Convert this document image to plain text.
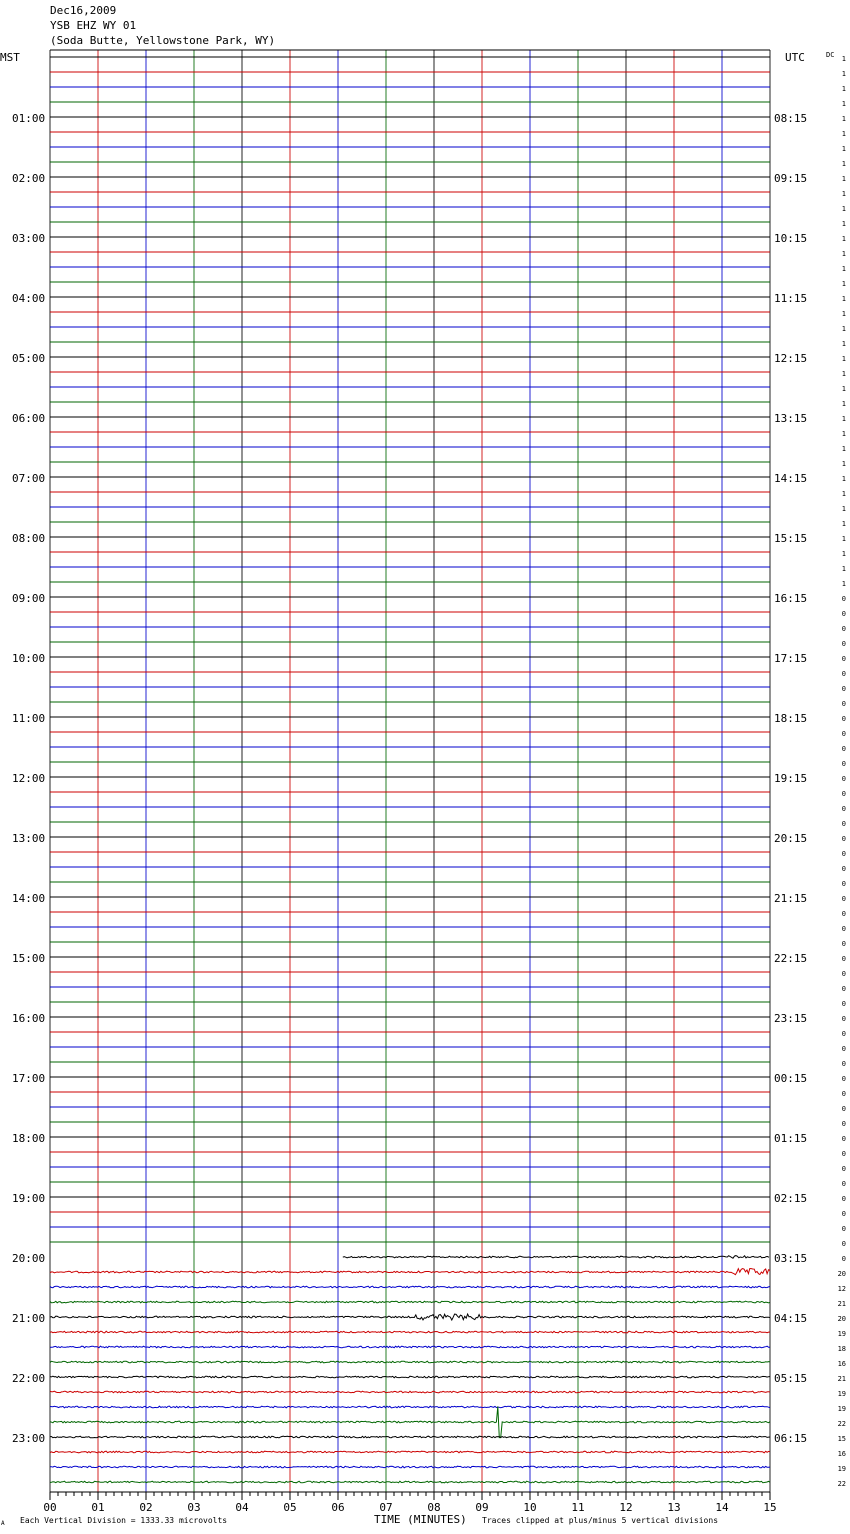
Dec16,2009
YSB EHZ WY 01
(Soda Butte, Yellowstone Park, WY)
1
1
1
1
1
1
1
1
1
1
1
1
1
1
1
1
1
1
1
1
1
1
1
1
1
1
1
1
1
1
1
1
1
1
1
1
0
0
0
0
0
0
0
0
0
0
0
0
0
0
0
0
0
0
0
0
0
0
0
0
0
0
0
0
0
0
0
0
0
0
0
0
0
0
0
0
0
0
0
0
0
20
12
21
20
19
18
16
21
19
19
22
15
16
19
22
MST	UTC	DC
01:00
02:00
03:00
04:00
05:00
06:00
07:00
08:00
09:00
10:00
11:00
12:00
13:00
14:00
15:00
16:00
17:00
18:00
19:00
20:00
21:00
22:00
23:00
08:15
09:15
10:15
11:15
12:15
13:15
14:15
15:15
16:15
17:15
18:15
19:15
20:15
21:15
22:15
23:15
00:15
01:15
02:15
03:15
04:15
05:15
06:15
00	01	02	03	04	05	06	07	08	09	10	11	12	13	14	15
A Each Vertical Division = 1333.33 microvolts	TIME (MINUTES) Traces clipped at plus/minus 5 vertical divisions
